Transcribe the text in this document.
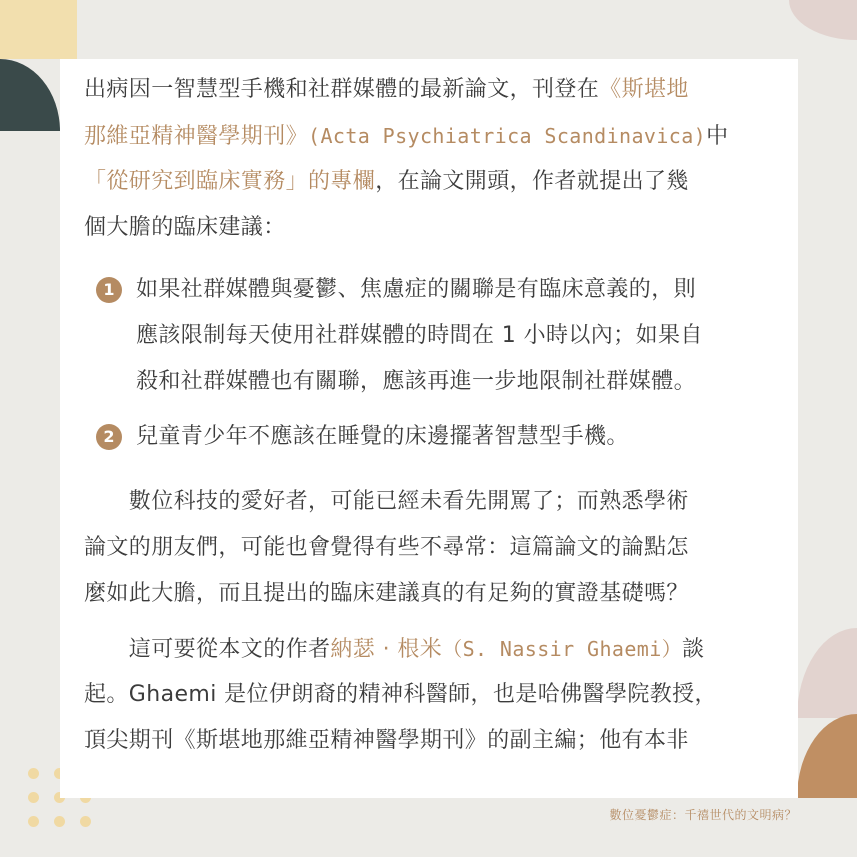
出病因一智慧型手機和社群媒體的最新論文，刊登在《斯堪地
那維亞精神醫學期刊》(Acta Psychiatrica Scandinavica)中
「從研究到臨床實務」的專欄，在論文開頭，作者就提出了幾
個大膽的臨床建議：

1 如果社群媒體與憂鬱、焦慮症的關聯是有臨床意義的，則
應該限制每天使用社群媒體的時間在 1 小時以內；如果自
殺和社群媒體也有關聯，應該再進一步地限制社群媒體。

2 兒童青少年不應該在睡覺的床邊擺著智慧型手機。

　　數位科技的愛好者，可能已經未看先開罵了；而熟悉學術
論文的朋友們，可能也會覺得有些不尋常：這篇論文的論點怎
麼如此大膽，而且提出的臨床建議真的有足夠的實證基礎嗎？

　　這可要從本文的作者納瑟 · 根米（S. Nassir Ghaemi）談
起。Ghaemi 是位伊朗裔的精神科醫師，也是哈佛醫學院教授，
頂尖期刊《斯堪地那維亞精神醫學期刊》的副主編；他有本非

數位憂鬱症：千禧世代的文明病？
